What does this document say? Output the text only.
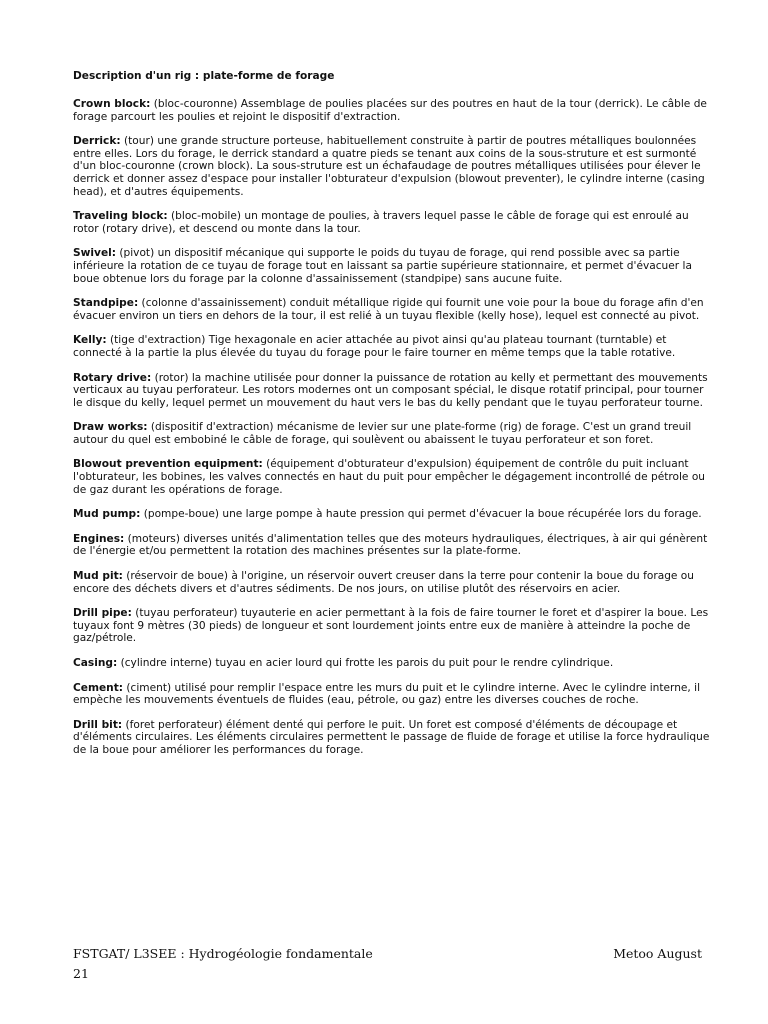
Description d'un rig : plate-forme de forage
Crown block: (bloc-couronne) Assemblage de poulies placées sur des poutres en haut de la tour (derrick). Le câble de forage parcourt les poulies et rejoint le dispositif d'extraction.
Derrick: (tour) une grande structure porteuse, habituellement construite à partir de poutres métalliques boulonnées entre elles. Lors du forage, le derrick standard a quatre pieds se tenant aux coins de la sous-struture et est surmonté d'un bloc-couronne (crown block). La sous-struture est un échafaudage de poutres métalliques utilisées pour élever le derrick et donner assez d'espace pour installer l'obturateur d'expulsion (blowout preventer), le cylindre interne (casing head), et d'autres équipements.
Traveling block: (bloc-mobile) un montage de poulies, à travers lequel passe le câble de forage qui est enroulé au rotor (rotary drive), et descend ou monte dans la tour.
Swivel: (pivot) un dispositif mécanique qui supporte le poids du tuyau de forage, qui rend possible avec sa partie inférieure la rotation de ce tuyau de forage tout en laissant sa partie supérieure stationnaire, et permet d'évacuer la boue obtenue lors du forage par la colonne d'assainissement (standpipe) sans aucune fuite.
Standpipe: (colonne d'assainissement) conduit métallique rigide qui fournit une voie pour la boue du forage afin d'en évacuer environ un tiers en dehors de la tour, il est relié à un tuyau flexible (kelly hose), lequel est connecté au pivot.
Kelly: (tige d'extraction) Tige hexagonale en acier attachée au pivot ainsi qu'au plateau tournant (turntable) et connecté à la partie la plus élevée du tuyau du forage pour le faire tourner en même temps que la table rotative.
Rotary drive: (rotor) la machine utilisée pour donner la puissance de rotation au kelly et permettant des mouvements verticaux au tuyau perforateur. Les rotors modernes ont un composant spécial, le disque rotatif principal, pour tourner le disque du kelly, lequel permet un mouvement du haut vers le bas du kelly pendant que le tuyau perforateur tourne.
Draw works: (dispositif d'extraction) mécanisme de levier sur une plate-forme (rig) de forage. C'est un grand treuil autour du quel est embobiné le câble de forage, qui soulèvent ou abaissent le tuyau perforateur et son foret.
Blowout prevention equipment: (équipement d'obturateur d'expulsion) équipement de contrôle du puit incluant l'obturateur, les bobines, les valves connectés en haut du puit pour empêcher le dégagement incontrollé de pétrole ou de gaz durant les opérations de forage.
Mud pump: (pompe-boue) une large pompe à haute pression qui permet d'évacuer la boue récupérée lors du forage.
Engines: (moteurs) diverses unités d'alimentation telles que des moteurs hydrauliques, électriques, à air qui génèrent de l'énergie et/ou permettent la rotation des machines présentes sur la plate-forme.
Mud pit: (réservoir de boue) à l'origine, un réservoir ouvert creuser dans la terre pour contenir la boue du forage ou encore des déchets divers et d'autres sédiments. De nos jours, on utilise plutôt des réservoirs en acier.
Drill pipe: (tuyau perforateur) tuyauterie en acier permettant à la fois de faire tourner le foret et d'aspirer la boue. Les tuyaux font 9 mètres (30 pieds) de longueur et sont lourdement joints entre eux de manière à atteindre la poche de gaz/pétrole.
Casing: (cylindre interne) tuyau en acier lourd qui frotte les parois du puit pour le rendre cylindrique.
Cement: (ciment) utilisé pour remplir l'espace entre les murs du puit et le cylindre interne. Avec le cylindre interne, il empèche les mouvements éventuels de fluides (eau, pétrole, ou gaz) entre les diverses couches de roche.
Drill bit: (foret perforateur) élément denté qui perfore le puit. Un foret est composé d'éléments de découpage et d'éléments circulaires. Les éléments circulaires permettent le passage de fluide de forage et utilise la force hydraulique de la boue pour améliorer les performances du forage.
FSTGAT/ L3SEE : Hydrogéologie fondamentale	Metoo August
21
